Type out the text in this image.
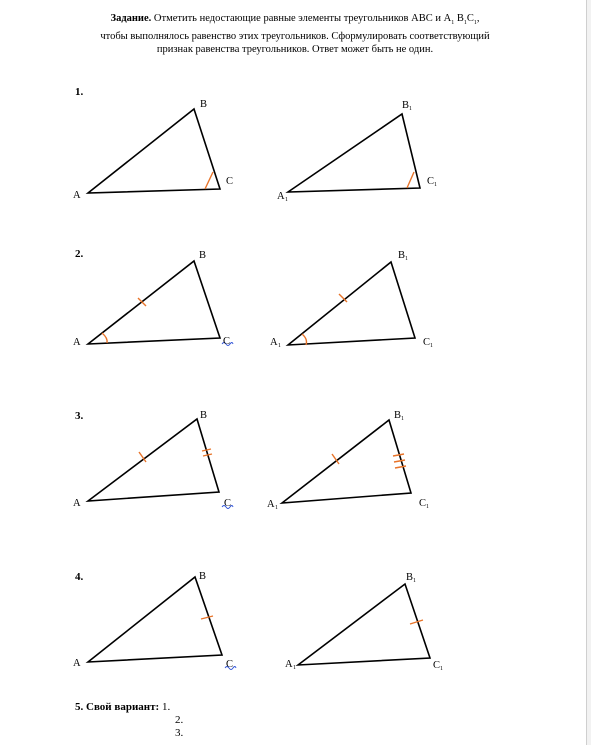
Задание. Отметить недостающие равные элементы треугольников ABC и $A_1$ $B_1C_1$,
чтобы выполнялось равенство этих треугольников. Сформулировать соответствующий
признак равенства треугольников. Ответ может быть не один.
1.
2.
3.
4.
A
B
C
A 1
B 1
C 1
A
B
C	A 1
B 1
C 1
A
B
C	A 1
B 1
C 1
A
B
C	A 1
B 1
C 1
5. Свой вариант: 1.
2.
3.
